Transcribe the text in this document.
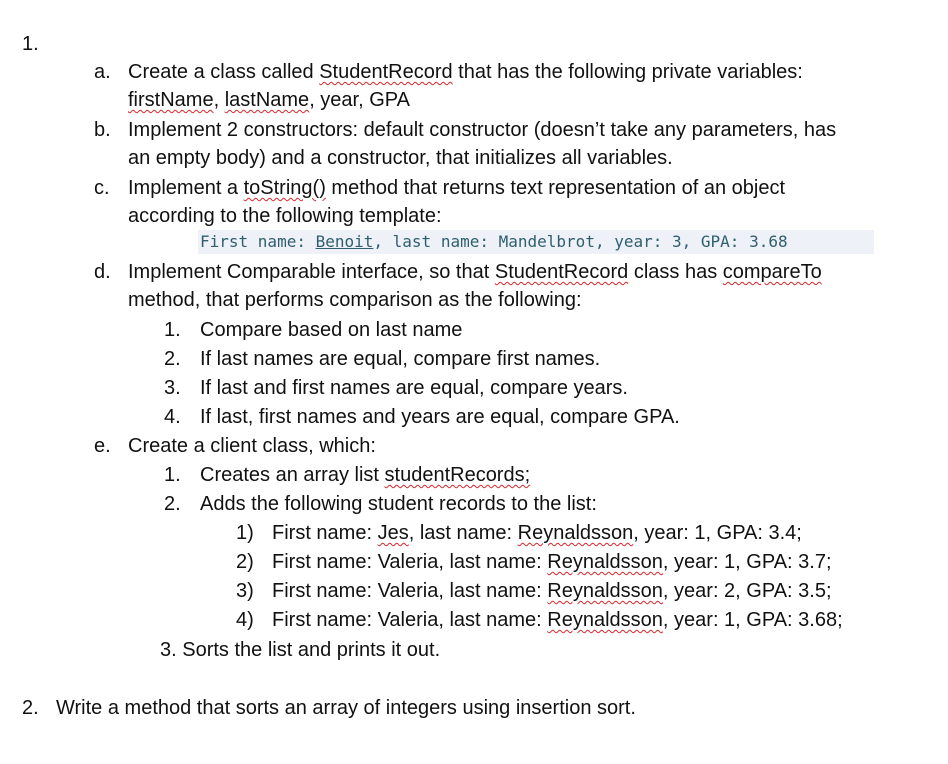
1.
a. Create a class called StudentRecord that has the following private variables:
firstName, lastName, year, GPA
b. Implement 2 constructors: default constructor (doesn’t take any parameters, has
an empty body) and a constructor, that initializes all variables.
c. Implement a toString() method that returns text representation of an object
according to the following template:
First name: Benoit, last name: Mandelbrot, year: 3, GPA: 3.68
d. Implement Comparable interface, so that StudentRecord class has compareTo
method, that performs comparison as the following:
1. Compare based on last name
2. If last names are equal, compare first names.
3. If last and first names are equal, compare years.
4. If last, first names and years are equal, compare GPA.
e. Create a client class, which:
1. Creates an array list studentRecords;
2. Adds the following student records to the list:
1) First name: Jes, last name: Reynaldsson, year: 1, GPA: 3.4;
2) First name: Valeria, last name: Reynaldsson, year: 1, GPA: 3.7;
3) First name: Valeria, last name: Reynaldsson, year: 2, GPA: 3.5;
4) First name: Valeria, last name: Reynaldsson, year: 1, GPA: 3.68;
3. Sorts the list and prints it out.
2. Write a method that sorts an array of integers using insertion sort.
